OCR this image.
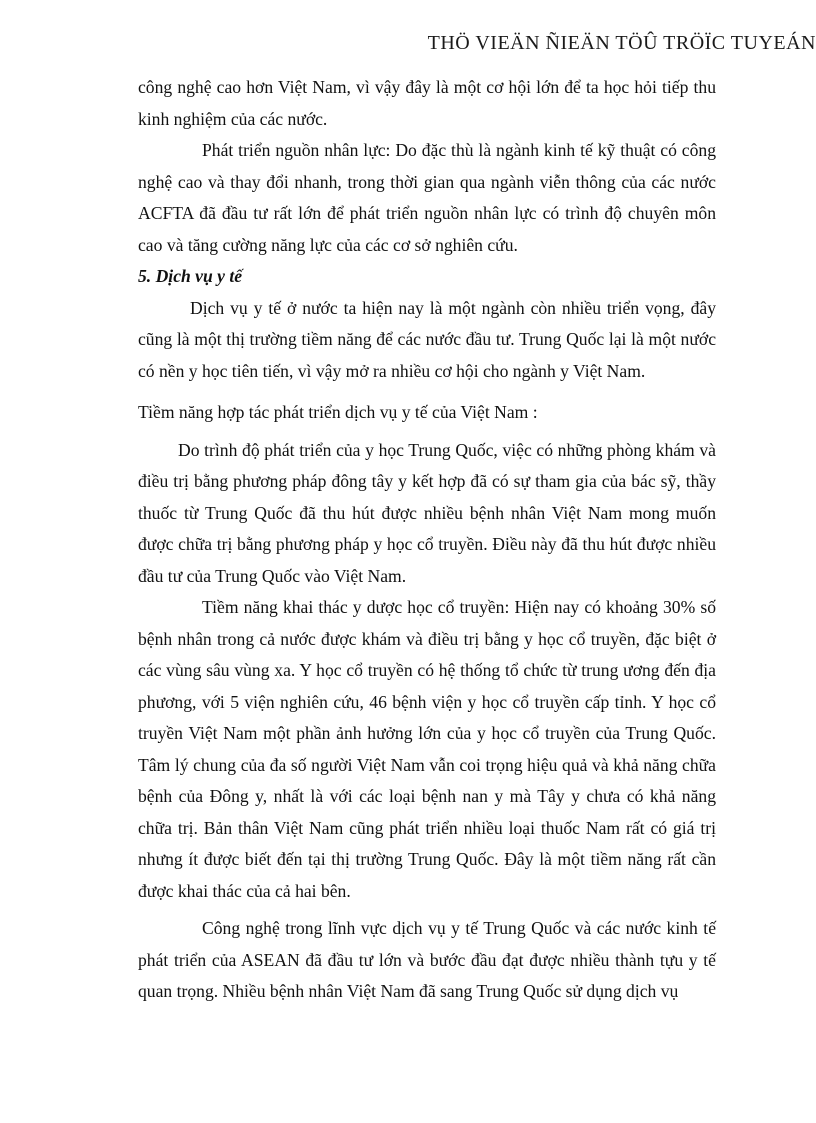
THÖ VIEÄN ÑIEÄN TÖÛ TRÖÏC TUYEÁN

công nghệ cao hơn Việt Nam, vì vậy đây là một cơ hội lớn để ta học hỏi tiếp thu kinh nghiệm của các nước.

Phát triển nguồn nhân lực: Do đặc thù là ngành kinh tế kỹ thuật có công nghệ cao và thay đổi nhanh, trong thời gian qua ngành viễn thông của các nước ACFTA đã đầu tư rất lớn để phát triển nguồn nhân lực có trình độ chuyên môn cao và tăng cường năng lực của các cơ sở nghiên cứu.

5. Dịch vụ y tế

Dịch vụ y tế ở nước ta hiện nay là một ngành còn nhiều triển vọng, đây cũng là một thị trường tiềm năng để các nước đầu tư. Trung Quốc lại là một nước có nền y học tiên tiến, vì vậy mở ra nhiều cơ hội cho ngành y Việt Nam.

Tiềm năng hợp tác phát triển dịch vụ y tế của Việt Nam :

Do trình độ phát triển của y học Trung Quốc, việc có những phòng khám và điều trị bằng phương pháp đông tây y kết hợp đã có sự tham gia của bác sỹ, thầy thuốc từ Trung Quốc đã thu hút được nhiều bệnh nhân Việt Nam mong muốn được chữa trị bằng phương pháp y học cổ truyền. Điều này đã thu hút được nhiều đầu tư của Trung Quốc vào Việt Nam.

Tiềm năng khai thác y dược học cổ truyền: Hiện nay có khoảng 30% số bệnh nhân trong cả nước được khám và điều trị bằng y học cổ truyền, đặc biệt ở các vùng sâu vùng xa. Y học cổ truyền có hệ thống tổ chức từ trung ương đến địa phương, với 5 viện nghiên cứu, 46 bệnh viện y học cổ truyền cấp tỉnh. Y học cổ truyền Việt Nam một phần ảnh hưởng lớn của y học cổ truyền của Trung Quốc. Tâm lý chung của đa số người Việt Nam vẫn coi trọng hiệu quả và khả năng chữa bệnh của Đông y, nhất là với các loại bệnh nan y mà Tây y chưa có khả năng chữa trị. Bản thân Việt Nam cũng phát triển nhiều loại thuốc Nam rất có giá trị nhưng ít được biết đến tại thị trường Trung Quốc. Đây là một tiềm năng rất cần được khai thác của cả hai bên.

Công nghệ trong lĩnh vực dịch vụ y tế Trung Quốc và các nước kinh tế phát triển của ASEAN đã đầu tư lớn và bước đầu đạt được nhiều thành tựu y tế quan trọng. Nhiều bệnh nhân Việt Nam đã sang Trung Quốc sử dụng dịch vụ
